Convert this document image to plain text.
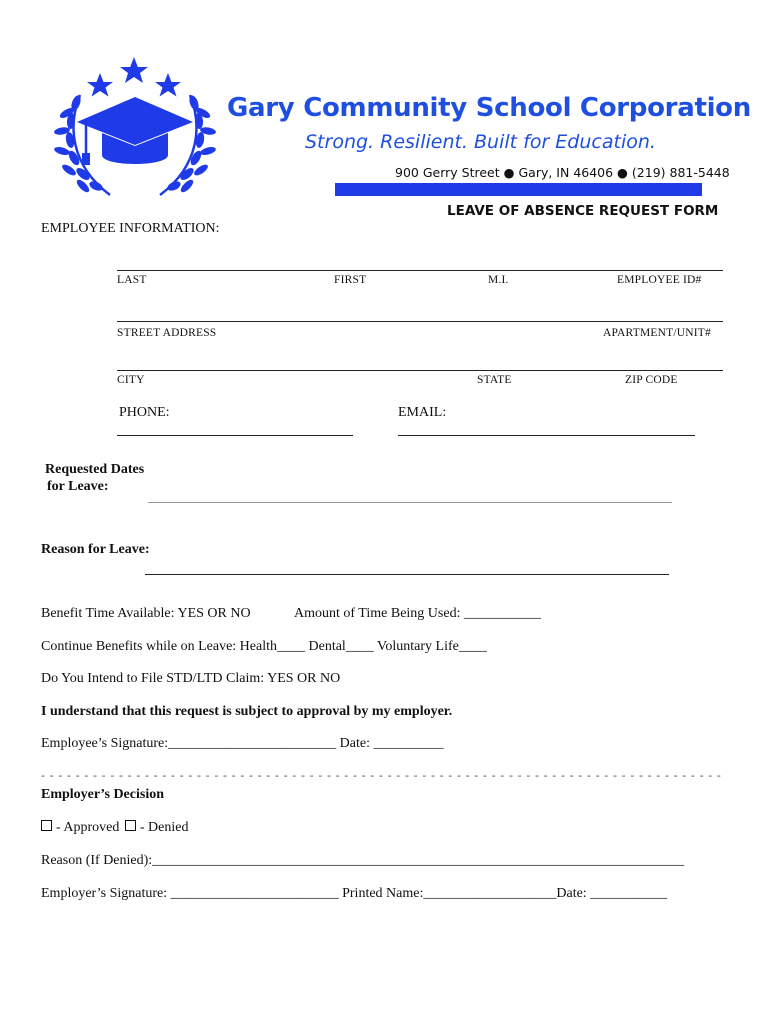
Gary Community School Corporation
Strong. Resilient. Built for Education.
900 Gerry Street ● Gary, IN 46406 ● (219) 881-5448
LEAVE OF ABSENCE REQUEST FORM
EMPLOYEE INFORMATION:
LAST	FIRST	M.I.	EMPLOYEE ID#
STREET ADDRESS	APARTMENT/UNIT#
CITY	STATE	ZIP CODE
PHONE:	EMAIL:
Requested Dates
for Leave:
Reason for Leave:
Benefit Time Available: YES OR NO	Amount of Time Being Used: ___________
Continue Benefits while on Leave: Health____ Dental____ Voluntary Life____
Do You Intend to File STD/LTD Claim: YES OR NO
I understand that this request is subject to approval by my employer.
Employee’s Signature:________________________ Date: __________
- - - - - - - - - - - - - - - - - - - - - - - - - - - - - - - - - - - - - - - - - - - - - - - - - - - - - - - - - - - - - - - - - - - - - - - - - - - - - - -
Employer’s Decision
- Approved - Denied
Reason (If Denied):____________________________________________________________________________
Employer’s Signature: ________________________ Printed Name:___________________Date: ___________
